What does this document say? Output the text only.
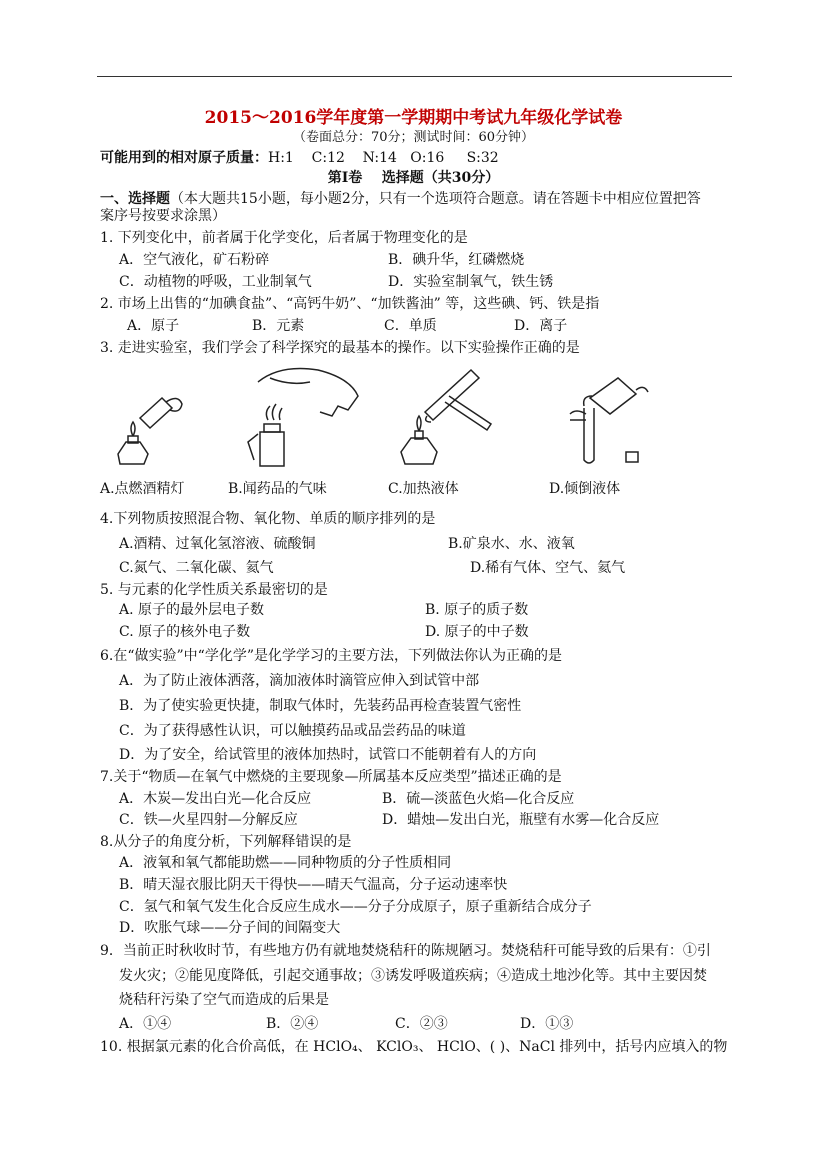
2015～2016学年度第一学期期中考试九年级化学试卷
（卷面总分：70分；测试时间：60分钟）
可能用到的相对原子质量：H:1    C:12    N:14   O:16     S:32
第Ⅰ卷    选择题（共30分）
一、选择题（本大题共15小题，每小题2分，只有一个选项符合题意。请在答题卡中相应位置把答
案序号按要求涂黑）
1. 下列变化中，前者属于化学变化，后者属于物理变化的是
A．空气液化，矿石粉碎	B．碘升华，红磷燃烧
C．动植物的呼吸，工业制氧气	D．实验室制氧气，铁生锈
2. 市场上出售的“加碘食盐”、“高钙牛奶”、“加铁酱油” 等，这些碘、钙、铁是指
A．原子	B．元素	C．单质	D．离子
3. 走进实验室，我们学会了科学探究的最基本的操作。以下实验操作正确的是
A.点燃酒精灯	B.闻药品的气味	C.加热液体	D.倾倒液体
4.下列物质按照混合物、氧化物、单质的顺序排列的是
A.酒精、过氧化氢溶液、硫酸铜	B.矿泉水、水、液氧
C.氮气、二氧化碳、氦气	D.稀有气体、空气、氦气
5. 与元素的化学性质关系最密切的是
A. 原子的最外层电子数	B. 原子的质子数
C. 原子的核外电子数	D. 原子的中子数
6.在“做实验”中“学化学”是化学学习的主要方法，下列做法你认为正确的是
A．为了防止液体洒落，滴加液体时滴管应伸入到试管中部
B．为了使实验更快捷，制取气体时，先装药品再检查装置气密性
C．为了获得感性认识，可以触摸药品或品尝药品的味道
D．为了安全，给试管里的液体加热时，试管口不能朝着有人的方向
7.关于“物质—在氧气中燃烧的主要现象—所属基本反应类型”描述正确的是
A．木炭—发出白光—化合反应	B．硫—淡蓝色火焰—化合反应
C．铁—火星四射—分解反应	D．蜡烛—发出白光，瓶壁有水雾—化合反应
8.从分子的角度分析，下列解释错误的是
A．液氧和氧气都能助燃——同种物质的分子性质相同
B．晴天湿衣服比阴天干得快——晴天气温高，分子运动速率快
C．氢气和氧气发生化合反应生成水——分子分成原子，原子重新结合成分子
D．吹胀气球——分子间的间隔变大
9．当前正时秋收时节，有些地方仍有就地焚烧秸秆的陈规陋习。焚烧秸秆可能导致的后果有：①引
发火灾；②能见度降低，引起交通事故；③诱发呼吸道疾病；④造成土地沙化等。其中主要因焚
烧秸秆污染了空气而造成的后果是
A．①④	B．②④	C．②③	D．①③
10. 根据氯元素的化合价高低，在 HClO₄、 KClO₃、 HClO、( )、NaCl 排列中，括号内应填入的物
